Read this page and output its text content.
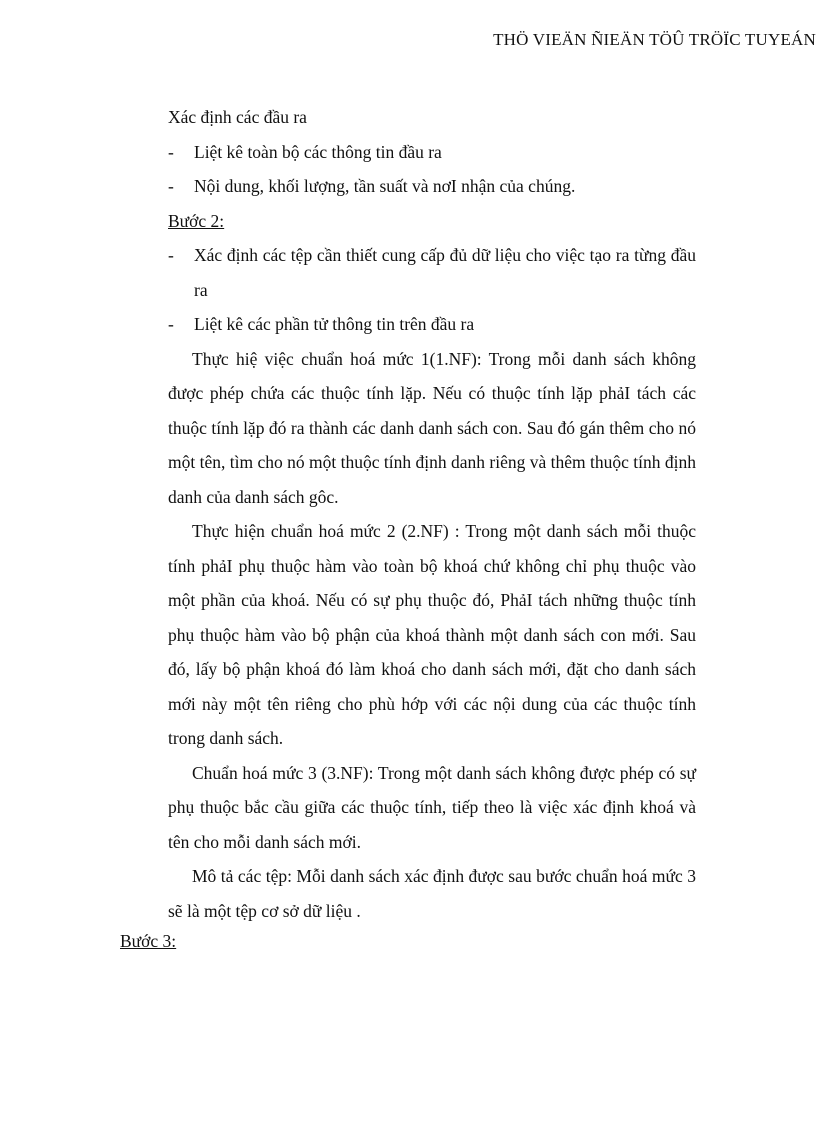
THÖ VIEÄN ÑIEÄN TÖÛ TRÖÏC TUYEÁN

Xác định các đầu ra

- Liệt kê toàn bộ các thông tin đầu ra

- Nội dung, khối lượng, tần suất và nơI nhận của chúng.

Bước 2:

- Xác định các tệp cần thiết cung cấp đủ dữ liệu cho việc tạo ra từng đầu ra

- Liệt kê các phần tử thông tin trên đầu ra

Thực hiệ việc chuẩn hoá mức 1(1.NF): Trong mỗi danh sách không được phép chứa các thuộc tính lặp. Nếu có thuộc tính lặp phảI tách các thuộc tính lặp đó ra thành các danh danh sách con. Sau đó gán thêm cho nó một tên, tìm cho nó một thuộc tính định danh riêng và thêm thuộc tính định danh của danh sách gôc.

Thực hiện chuẩn hoá mức 2 (2.NF) : Trong một danh sách mỗi thuộc tính phảI phụ thuộc hàm vào toàn bộ khoá chứ không chỉ phụ thuộc vào một phần của khoá. Nếu có sự phụ thuộc đó, PhảI tách những thuộc tính phụ thuộc hàm vào bộ phận của khoá thành một danh sách con mới. Sau đó, lấy bộ phận khoá đó làm khoá cho danh sách mới, đặt cho danh sách mới này một tên riêng cho phù hớp với các nội dung của các thuộc tính trong danh sách.

Chuẩn hoá mức 3 (3.NF): Trong một danh sách không được phép có sự phụ thuộc bắc cầu giữa các thuộc tính, tiếp theo là việc xác định khoá và tên cho mỗi danh sách mới.

Mô tả các tệp: Mỗi danh sách xác định được sau bước chuẩn hoá mức 3 sẽ là một tệp cơ sở dữ liệu .

Bước 3:
